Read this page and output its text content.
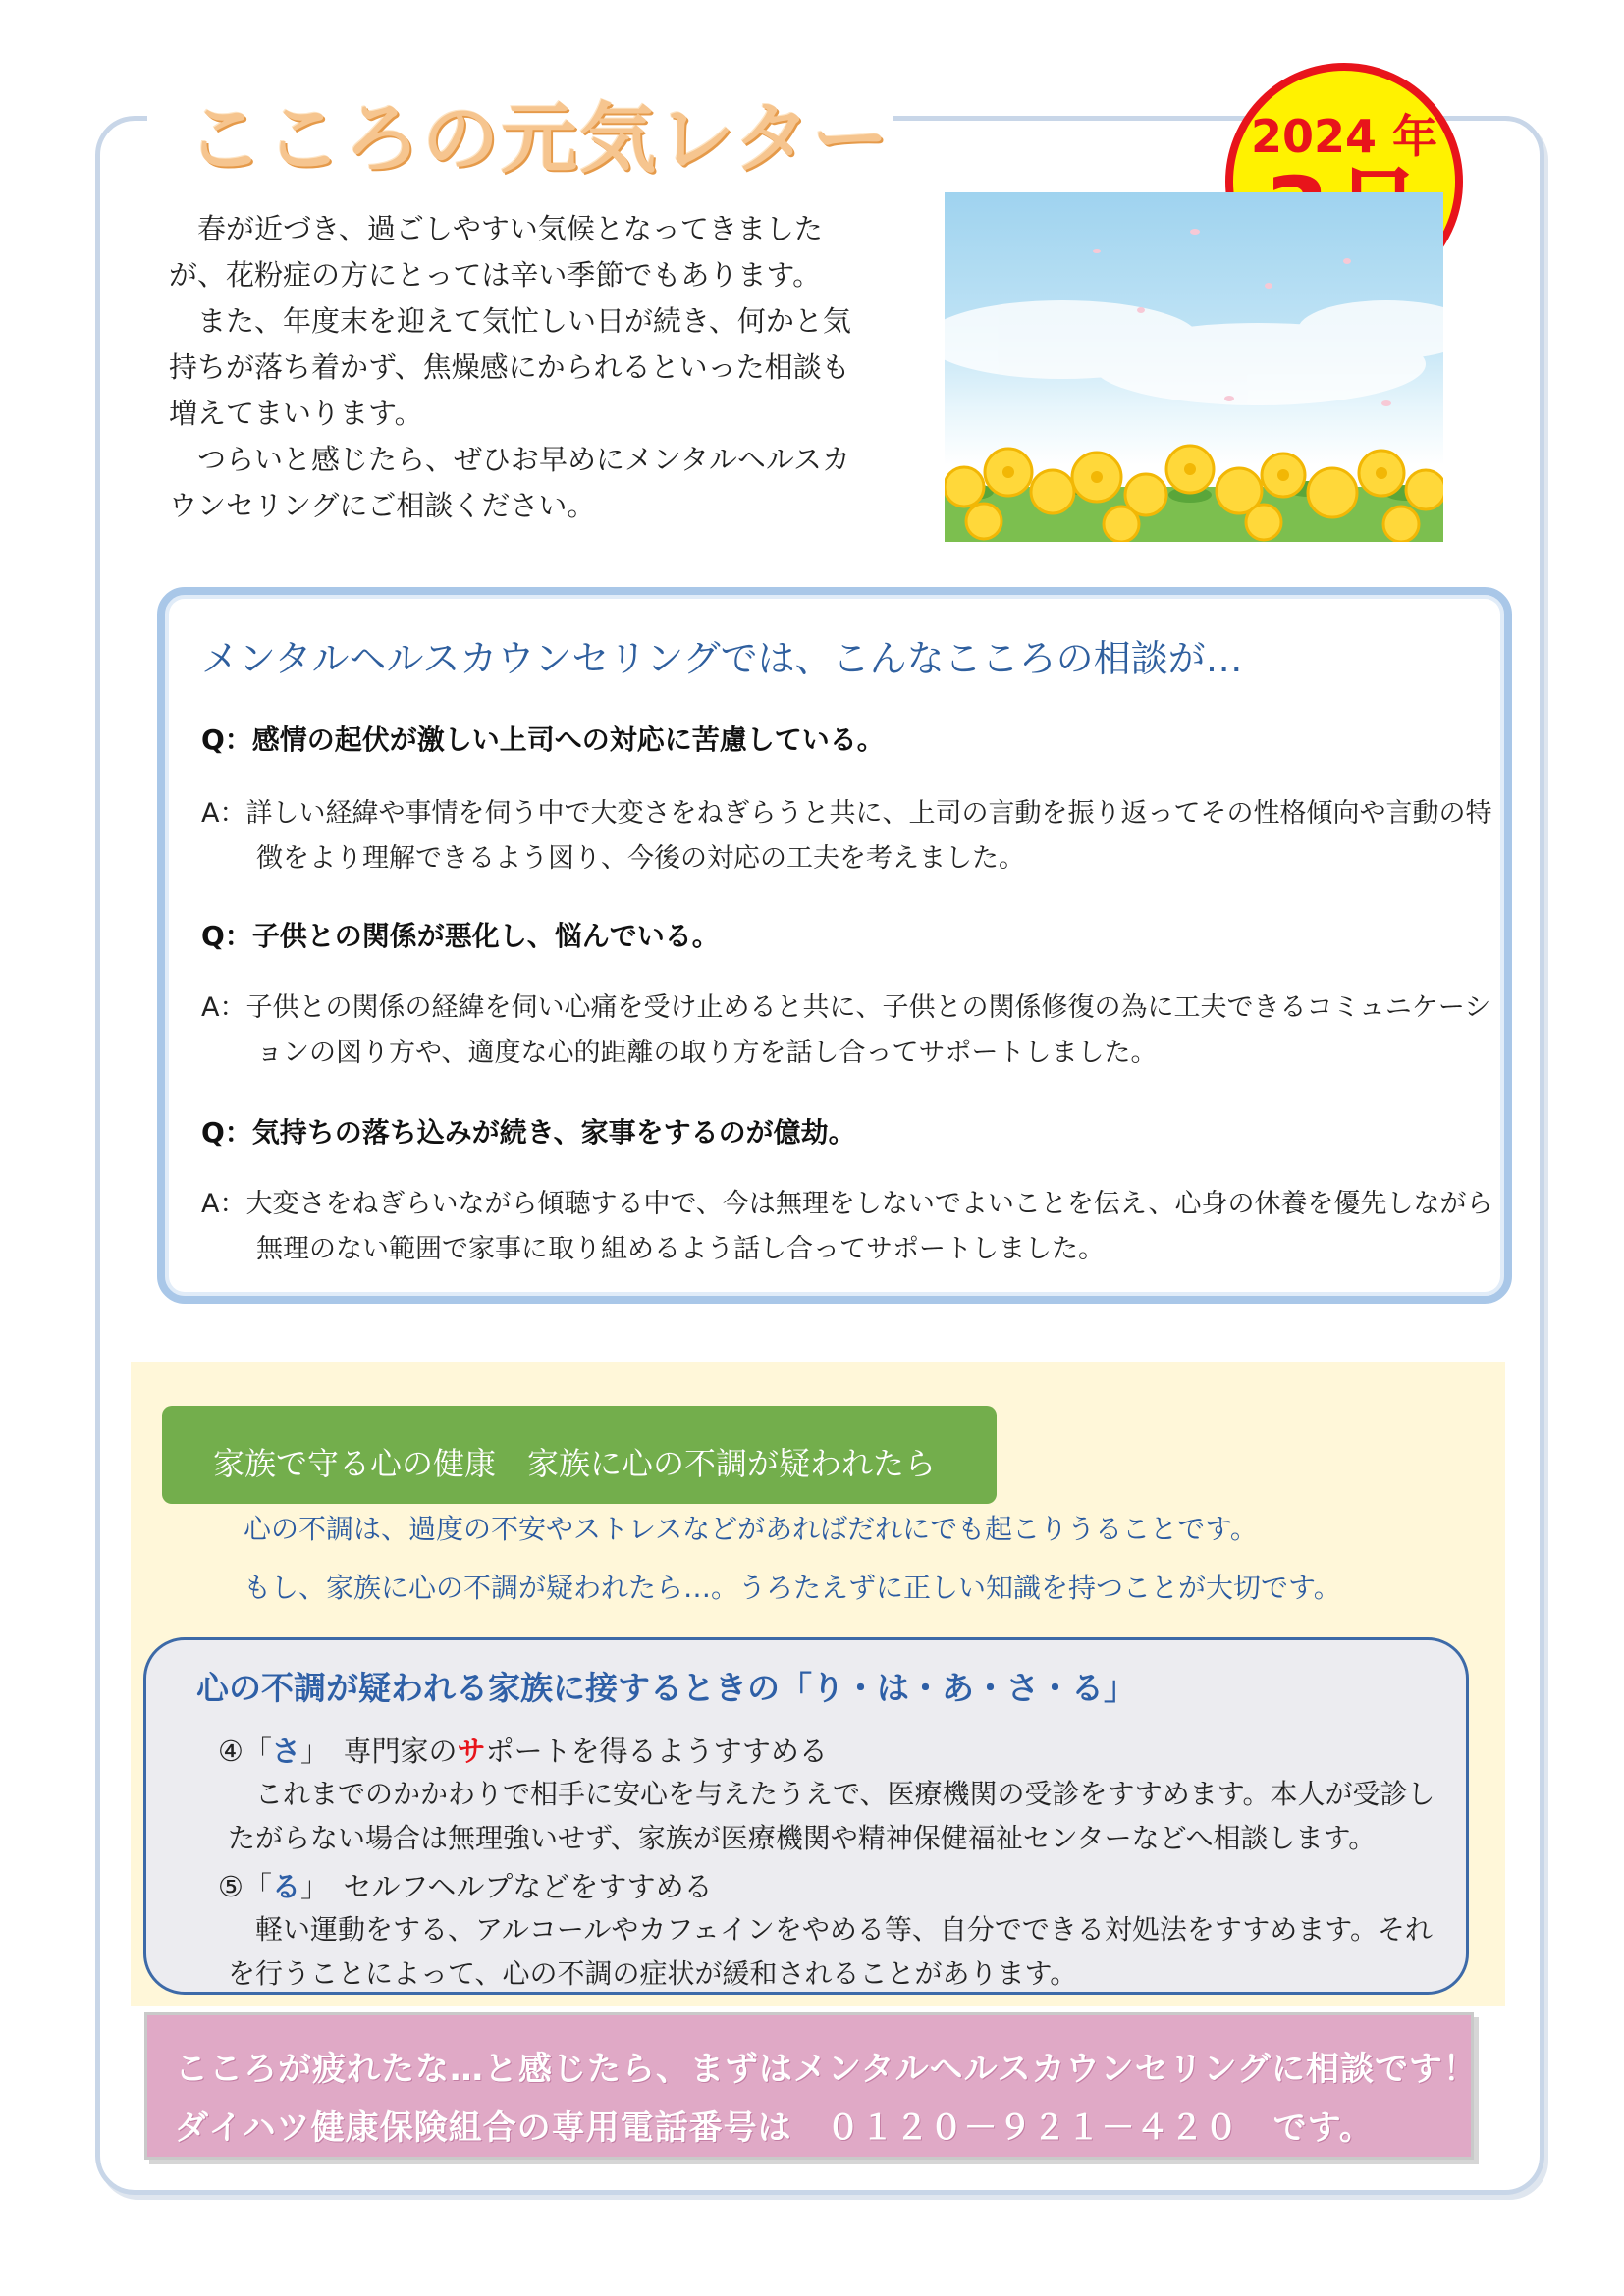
こころの元気レター	2024 年

春が近づき、過ごしやすい気候となってきましたが、花粉症の方にとっては辛い季節でもあります。

また、年度末を迎えて気忙しい日が続き、何かと気持ちが落ち着かず、焦燥感にかられるといった相談も増えてまいります。

つらいと感じたら、ぜひお早めにメンタルヘルスカウンセリングにご相談ください。

メンタルヘルスカウンセリングでは、こんなこころの相談が…

Q：感情の起伏が激しい上司への対応に苦慮している。

A：詳しい経緯や事情を伺う中で大変さをねぎらうと共に、上司の言動を振り返ってその性格傾向や言動の特徴をより理解できるよう図り、今後の対応の工夫を考えました。

Q：子供との関係が悪化し、悩んでいる。

A：子供との関係の経緯を伺い心痛を受け止めると共に、子供との関係修復の為に工夫できるコミュニケーションの図り方や、適度な心的距離の取り方を話し合ってサポートしました。

Q：気持ちの落ち込みが続き、家事をするのが億劫。

A：大変さをねぎらいながら傾聴する中で、今は無理をしないでよいことを伝え、心身の休養を優先しながら無理のない範囲で家事に取り組めるよう話し合ってサポートしました。

家族で守る心の健康　家族に心の不調が疑われたら

心の不調は、過度の不安やストレスなどがあればだれにでも起こりうることです。

もし、家族に心の不調が疑われたら…。うろたえずに正しい知識を持つことが大切です。

心の不調が疑われる家族に接するときの「り・は・あ・さ・る」

④「さ」　専門家のサポートを得るようすすめる

これまでのかかわりで相手に安心を与えたうえで、医療機関の受診をすすめます。本人が受診したがらない場合は無理強いせず、家族が医療機関や精神保健福祉センターなどへ相談します。

⑤「る」　セルフヘルプなどをすすめる

軽い運動をする、アルコールやカフェインをやめる等、自分でできる対処法をすすめます。それを行うことによって、心の不調の症状が緩和されることがあります。

こころが疲れたな…と感じたら、まずはメンタルヘルスカウンセリングに相談です！

ダイハツ健康保険組合の専用電話番号は　０１２０－９２１－４２０　です。
